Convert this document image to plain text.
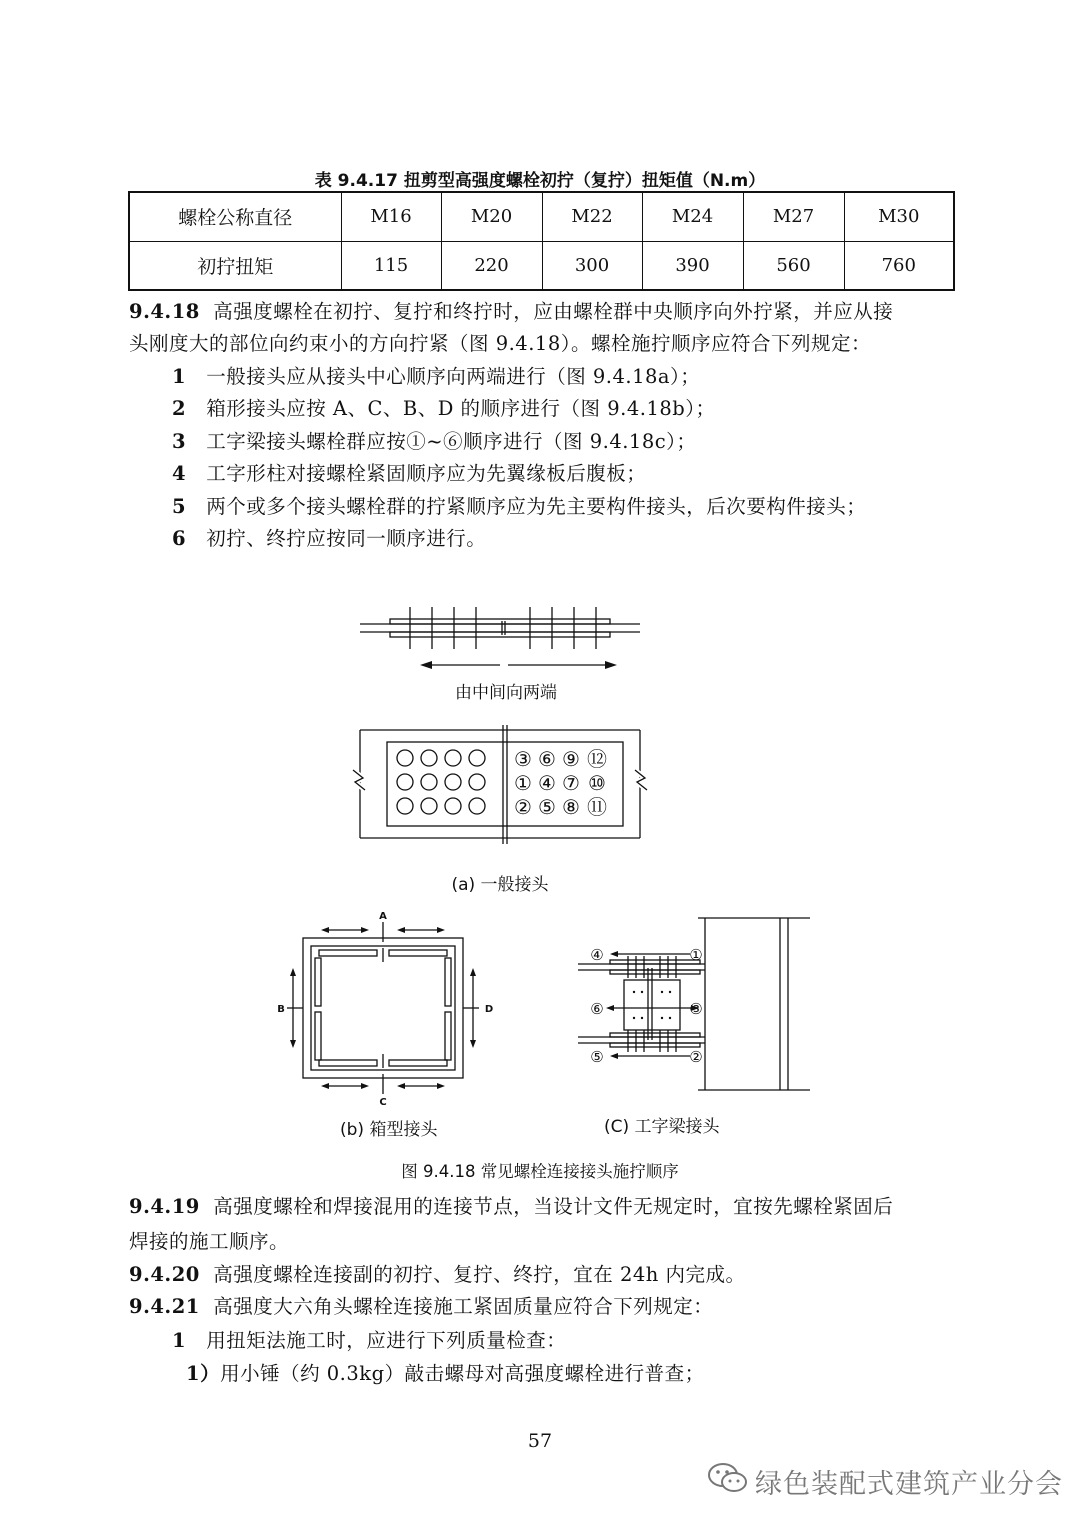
表 9.4.17 扭剪型高强度螺栓初拧（复拧）扭矩值（N.m）
螺栓公称直径	M16	M20	M22	M24	M27	M30
初拧扭矩	115	220	300	390	560	760
9.4.18 高强度螺栓在初拧、复拧和终拧时，应由螺栓群中央顺序向外拧紧，并应从接
头刚度大的部位向约束小的方向拧紧（图 9.4.18）。螺栓施拧顺序应符合下列规定：
1 一般接头应从接头中心顺序向两端进行（图 9.4.18a）；
2 箱形接头应按 A、C、B、D 的顺序进行（图 9.4.18b）；
3 工字梁接头螺栓群应按①~⑥顺序进行（图 9.4.18c）；
4 工字形柱对接螺栓紧固顺序应为先翼缘板后腹板；
5 两个或多个接头螺栓群的拧紧顺序应为先主要构件接头，后次要构件接头；
6 初拧、终拧应按同一顺序进行。
由中间向两端
③ ⑥ ⑨ ⑫
① ④ ⑦ ⑩
② ⑤ ⑧ ⑪
(a) 一般接头
A
B
C
D
(b) 箱型接头
④	①
⑥	③
⑤	②
(C) 工字梁接头
图 9.4.18 常见螺栓连接接头施拧顺序
9.4.19 高强度螺栓和焊接混用的连接节点，当设计文件无规定时，宜按先螺栓紧固后
焊接的施工顺序。
9.4.20 高强度螺栓连接副的初拧、复拧、终拧，宜在 24h 内完成。
9.4.21 高强度大六角头螺栓连接施工紧固质量应符合下列规定：
1 用扭矩法施工时，应进行下列质量检查：
1）用小锤（约 0.3kg）敲击螺母对高强度螺栓进行普查；
57
绿色装配式建筑产业分会
